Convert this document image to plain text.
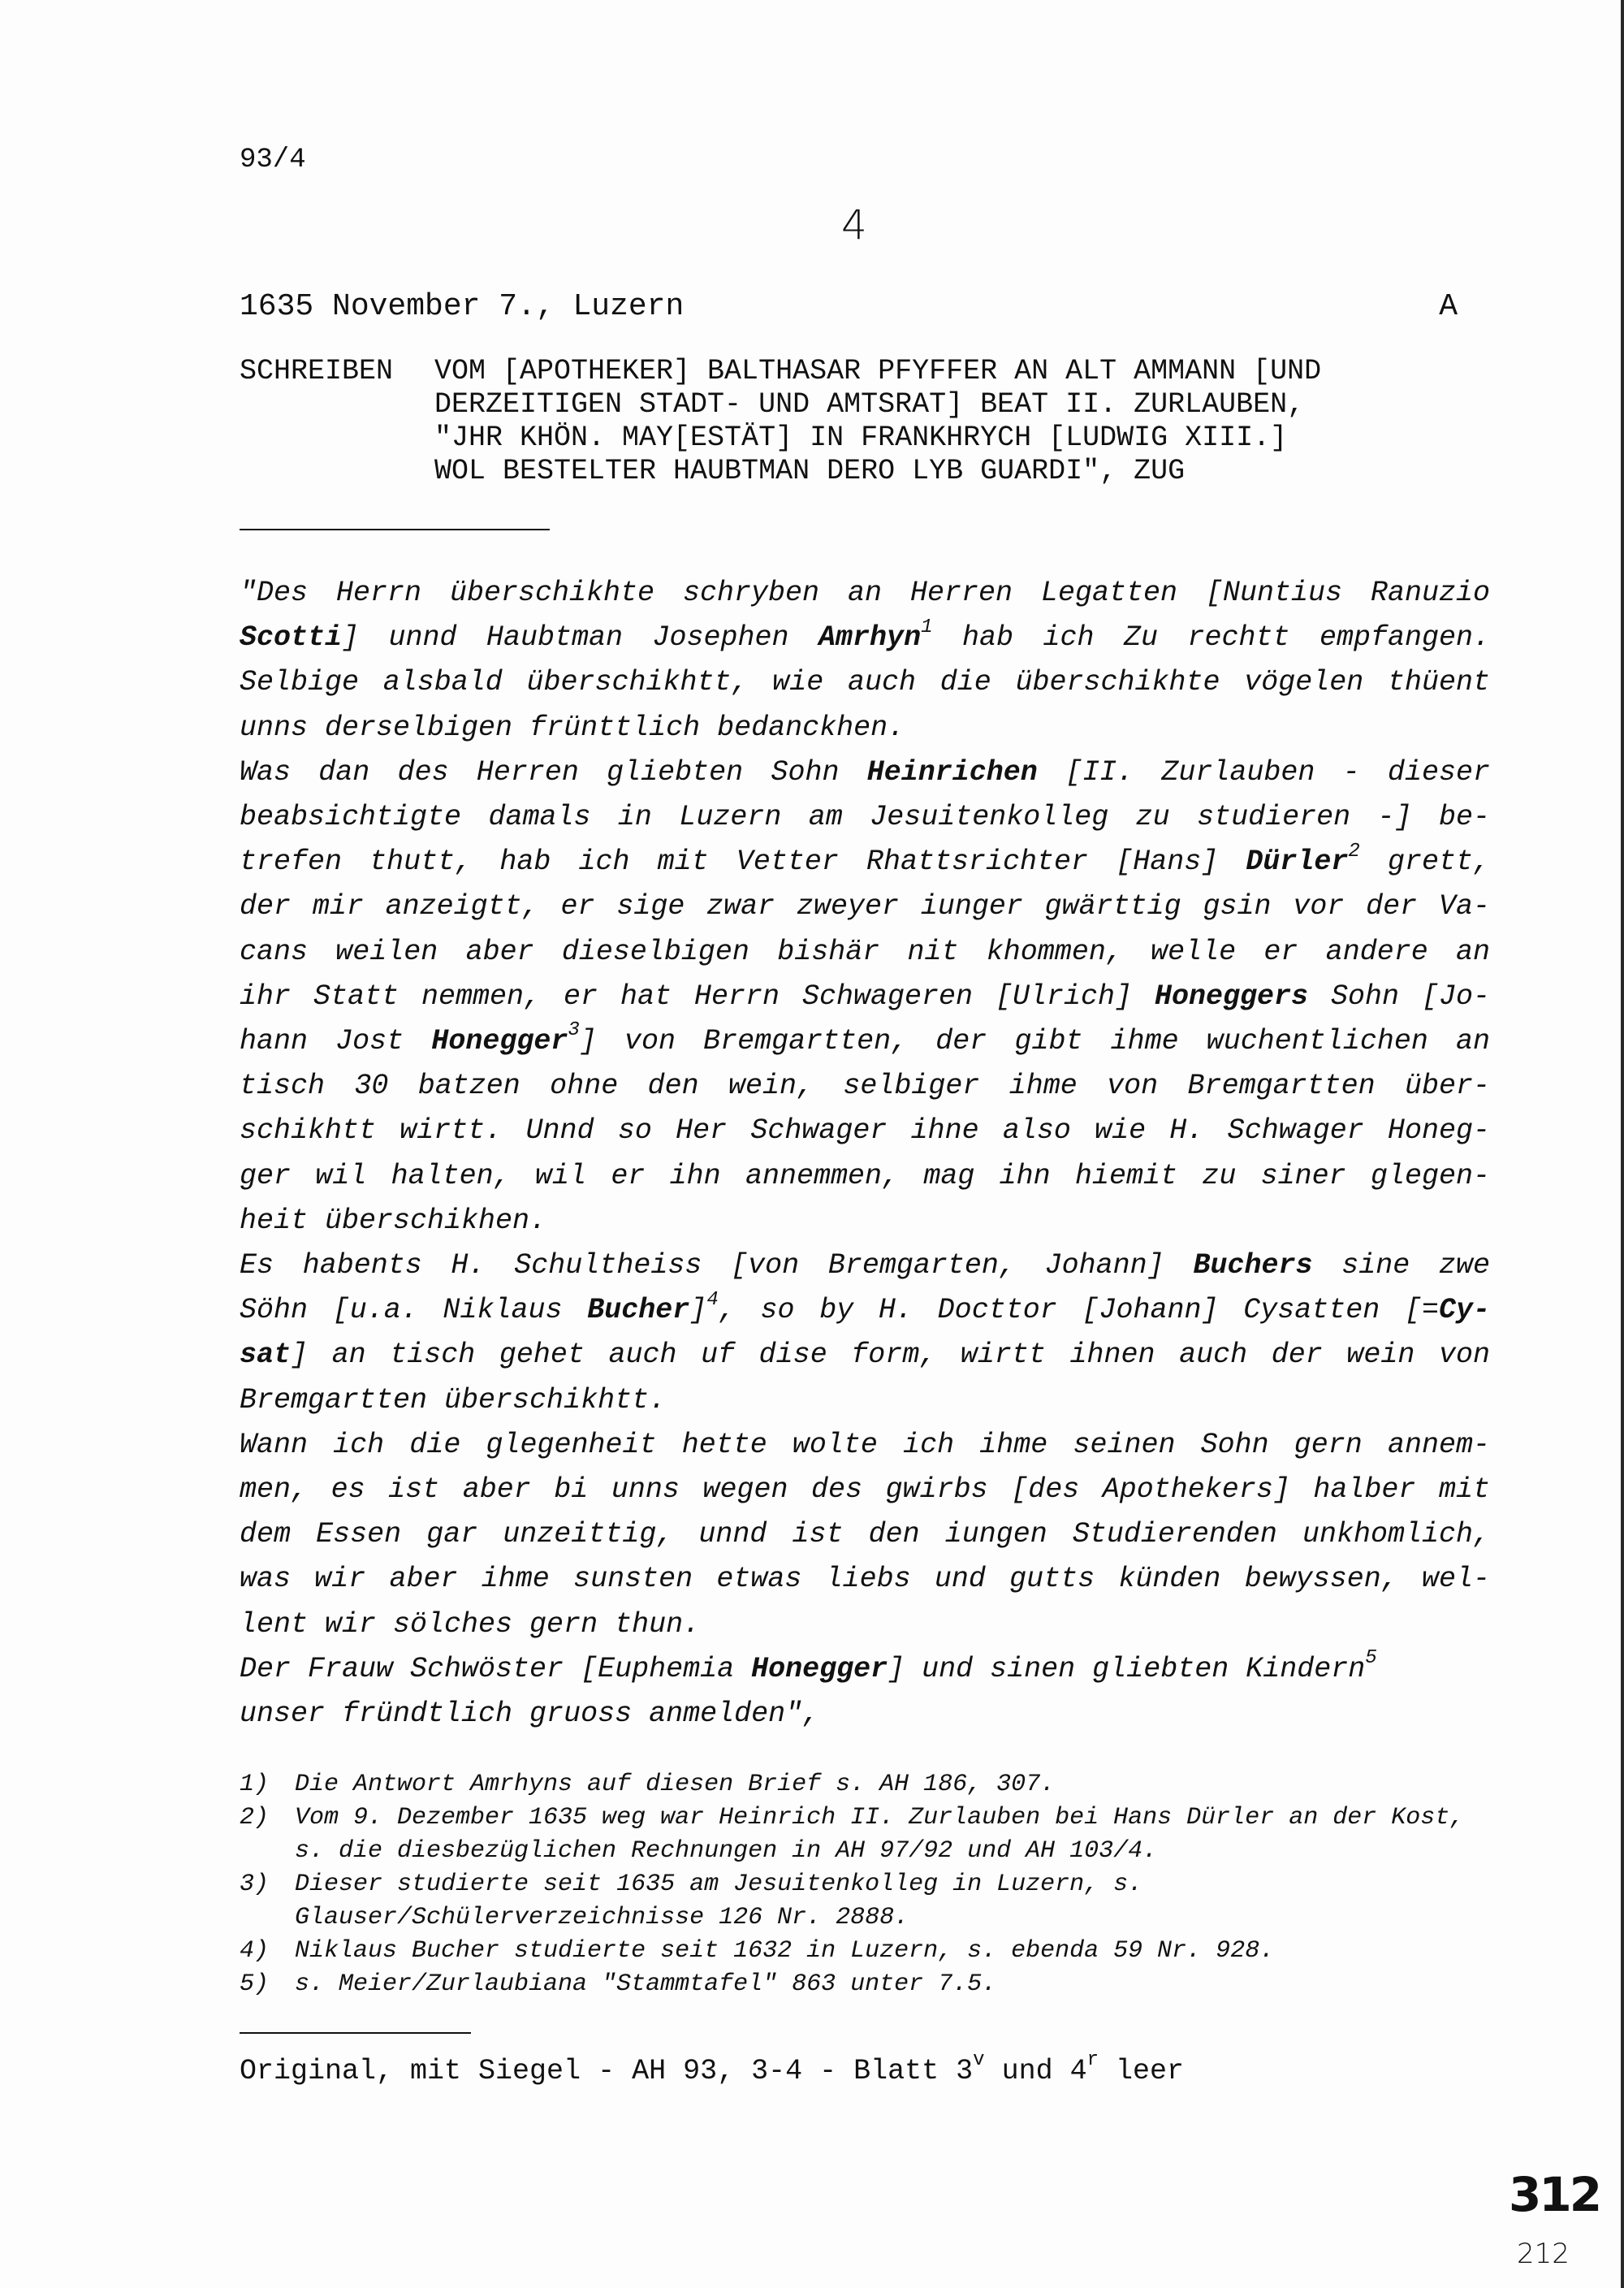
93/4
4
1635 November 7., Luzern	A
SCHREIBEN	VOM [APOTHEKER] BALTHASAR PFYFFER AN ALT AMMANN [UND
DERZEITIGEN STADT- UND AMTSRAT] BEAT II. ZURLAUBEN,
"JHR KHÖN. MAY[ESTÄT] IN FRANKHRYCH [LUDWIG XIII.]
WOL BESTELTER HAUBTMAN DERO LYB GUARDI", ZUG
"Des Herrn überschikhte schryben an Herren Legatten [Nuntius Ranuzio
Scotti] unnd Haubtman Josephen Amrhyn$^1$ hab ich Zu rechtt empfangen.
Selbige alsbald überschikhtt, wie auch die überschikhte vögelen thüent
unns derselbigen frünttlich bedanckhen.
Was dan des Herren gliebten Sohn Heinrichen [II. Zurlauben - dieser
beabsichtigte damals in Luzern am Jesuitenkolleg zu studieren -] be-
trefen thutt, hab ich mit Vetter Rhattsrichter [Hans] Dürler$^2$ grett,
der mir anzeigtt, er sige zwar zweyer iunger gwärttig gsin vor der Va-
cans weilen aber dieselbigen bishär nit khommen, welle er andere an
ihr Statt nemmen, er hat Herrn Schwageren [Ulrich] Honeggers Sohn [Jo-
hann Jost Honegger$^3$] von Bremgartten, der gibt ihme wuchentlichen an
tisch 30 batzen ohne den wein, selbiger ihme von Bremgartten über-
schikhtt wirtt. Unnd so Her Schwager ihne also wie H. Schwager Honeg-
ger wil halten, wil er ihn annemmen, mag ihn hiemit zu siner glegen-
heit überschikhen.
Es habents H. Schultheiss [von Bremgarten, Johann] Buchers sine zwe
Söhn [u.a. Niklaus Bucher]$^4$, so by H. Docttor [Johann] Cysatten [=Cy-
sat] an tisch gehet auch uf dise form, wirtt ihnen auch der wein von
Bremgartten überschikhtt.
Wann ich die glegenheit hette wolte ich ihme seinen Sohn gern annem-
men, es ist aber bi unns wegen des gwirbs [des Apothekers] halber mit
dem Essen gar unzeittig, unnd ist den iungen Studierenden unkhomlich,
was wir aber ihme sunsten etwas liebs und gutts künden bewyssen, wel-
lent wir sölches gern thun.
Der Frauw Schwöster [Euphemia Honegger] und sinen gliebten Kindern$^5$
unser fründtlich gruoss anmelden",
1)	Die Antwort Amrhyns auf diesen Brief s. AH 186, 307.
2)	Vom 9. Dezember 1635 weg war Heinrich II. Zurlauben bei Hans Dürler an der Kost, s. die diesbezüglichen Rechnungen in AH 97/92 und AH 103/4.
3)	Dieser studierte seit 1635 am Jesuitenkolleg in Luzern, s. Glauser/Schülerverzeichnisse 126 Nr. 2888.
4)	Niklaus Bucher studierte seit 1632 in Luzern, s. ebenda 59 Nr. 928.
5)	s. Meier/Zurlaubiana "Stammtafel" 863 unter 7.5.
Original, mit Siegel - AH 93, 3-4 - Blatt 3$^v$ und 4$^r$ leer
312
212
